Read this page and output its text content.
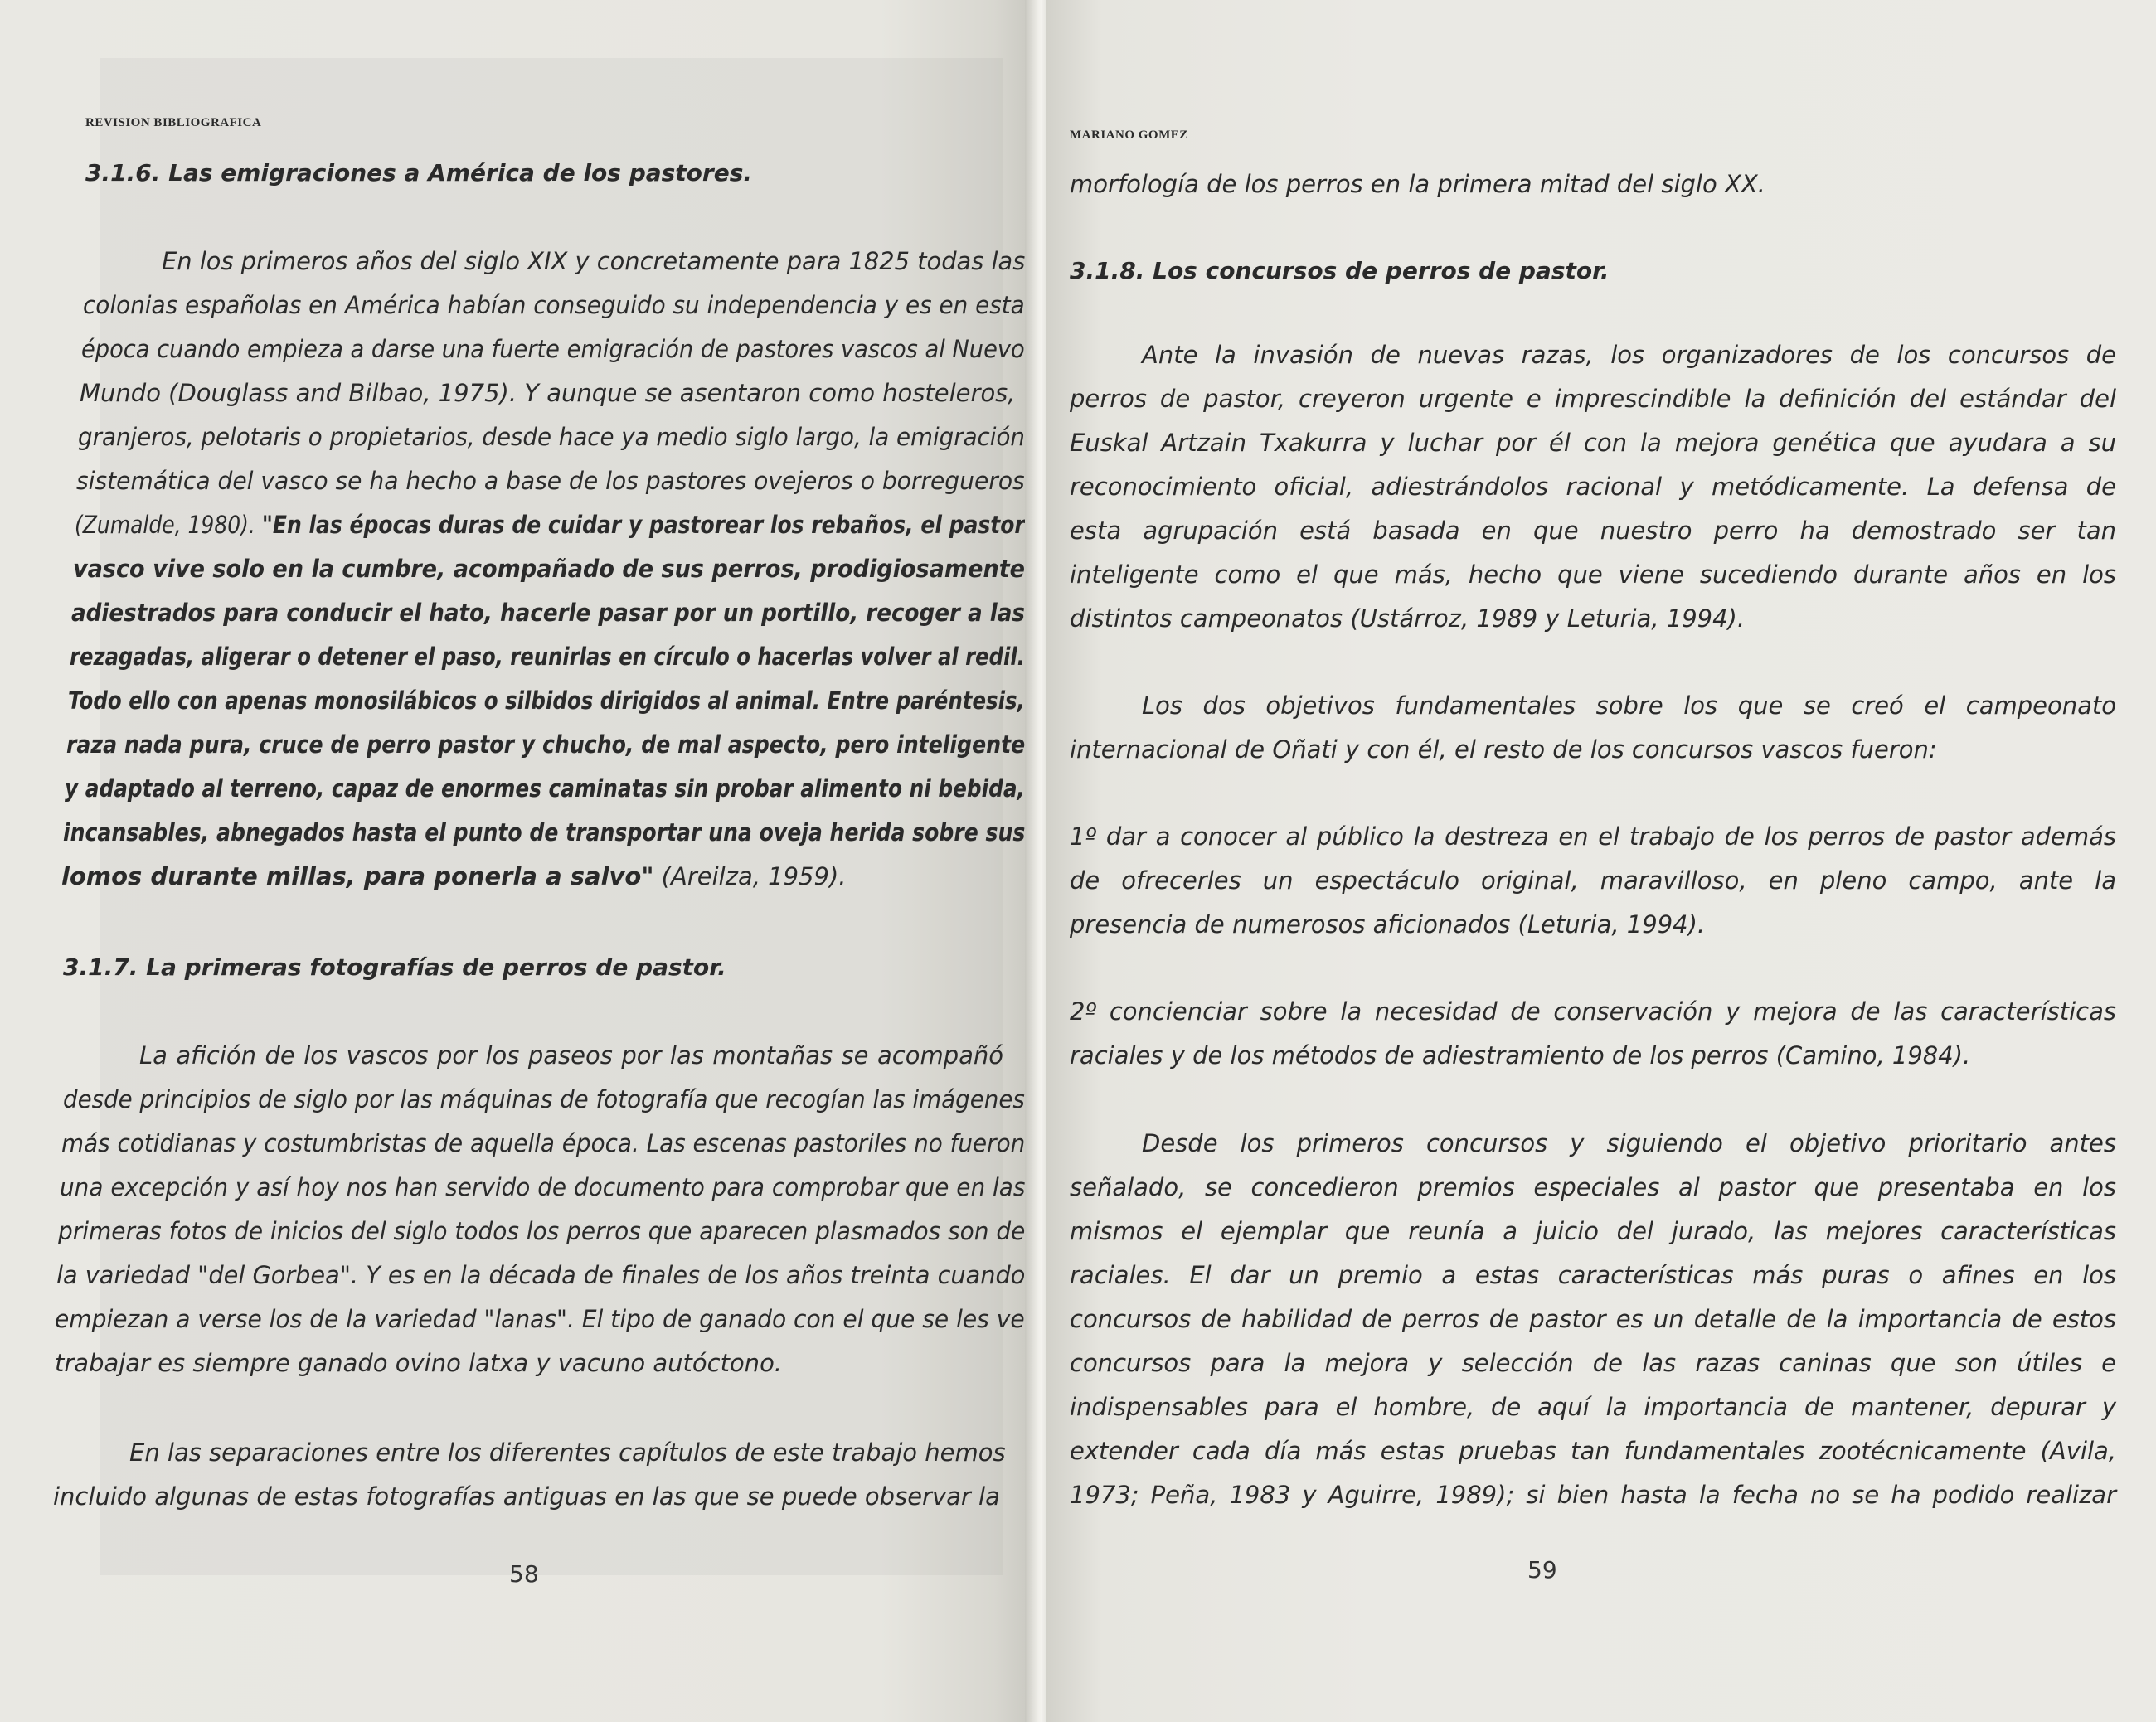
REVISION BIBLIOGRAFICA
3.1.6. Las emigraciones a América de los pastores.
En los primeros años del siglo XIX y concretamente para 1825 todas las
colonias españolas en América habían conseguido su independencia y es en esta
época cuando empieza a darse una fuerte emigración de pastores vascos al Nuevo
Mundo (Douglass and Bilbao, 1975). Y aunque se asentaron como hosteleros,
granjeros, pelotaris o propietarios, desde hace ya medio siglo largo, la emigración
sistemática del vasco se ha hecho a base de los pastores ovejeros o borregueros
(Zumalde, 1980). "En las épocas duras de cuidar y pastorear los rebaños, el pastor
vasco vive solo en la cumbre, acompañado de sus perros, prodigiosamente
adiestrados para conducir el hato, hacerle pasar por un portillo, recoger a las
rezagadas, aligerar o detener el paso, reunirlas en círculo o hacerlas volver al redil.
Todo ello con apenas monosilábicos o silbidos dirigidos al animal. Entre paréntesis,
raza nada pura, cruce de perro pastor y chucho, de mal aspecto, pero inteligente
y adaptado al terreno, capaz de enormes caminatas sin probar alimento ni bebida,
incansables, abnegados hasta el punto de transportar una oveja herida sobre sus
lomos durante millas, para ponerla a salvo" (Areilza, 1959).
3.1.7. La primeras fotografías de perros de pastor.
La afición de los vascos por los paseos por las montañas se acompañó
desde principios de siglo por las máquinas de fotografía que recogían las imágenes
más cotidianas y costumbristas de aquella época. Las escenas pastoriles no fueron
una excepción y así hoy nos han servido de documento para comprobar que en las
primeras fotos de inicios del siglo todos los perros que aparecen plasmados son de
la variedad "del Gorbea". Y es en la década de finales de los años treinta cuando
empiezan a verse los de la variedad "lanas". El tipo de ganado con el que se les ve
trabajar es siempre ganado ovino latxa y vacuno autóctono.
En las separaciones entre los diferentes capítulos de este trabajo hemos
incluido algunas de estas fotografías antiguas en las que se puede observar la
58
MARIANO GOMEZ
morfología de los perros en la primera mitad del siglo XX.
3.1.8. Los concursos de perros de pastor.
Ante la invasión de nuevas razas, los organizadores de los concursos de
perros de pastor, creyeron urgente e imprescindible la definición del estándar del
Euskal Artzain Txakurra y luchar por él con la mejora genética que ayudara a su
reconocimiento oficial, adiestrándolos racional y metódicamente. La defensa de
esta agrupación está basada en que nuestro perro ha demostrado ser tan
inteligente como el que más, hecho que viene sucediendo durante años en los
distintos campeonatos (Ustárroz, 1989 y Leturia, 1994).
Los dos objetivos fundamentales sobre los que se creó el campeonato
internacional de Oñati y con él, el resto de los concursos vascos fueron:
1º dar a conocer al público la destreza en el trabajo de los perros de pastor además
de ofrecerles un espectáculo original, maravilloso, en pleno campo, ante la
presencia de numerosos aficionados (Leturia, 1994).
2º concienciar sobre la necesidad de conservación y mejora de las características
raciales y de los métodos de adiestramiento de los perros (Camino, 1984).
Desde los primeros concursos y siguiendo el objetivo prioritario antes
señalado, se concedieron premios especiales al pastor que presentaba en los
mismos el ejemplar que reunía a juicio del jurado, las mejores características
raciales. El dar un premio a estas características más puras o afines en los
concursos de habilidad de perros de pastor es un detalle de la importancia de estos
concursos para la mejora y selección de las razas caninas que son útiles e
indispensables para el hombre, de aquí la importancia de mantener, depurar y
extender cada día más estas pruebas tan fundamentales zootécnicamente (Avila,
1973; Peña, 1983 y Aguirre, 1989); si bien hasta la fecha no se ha podido realizar
59
